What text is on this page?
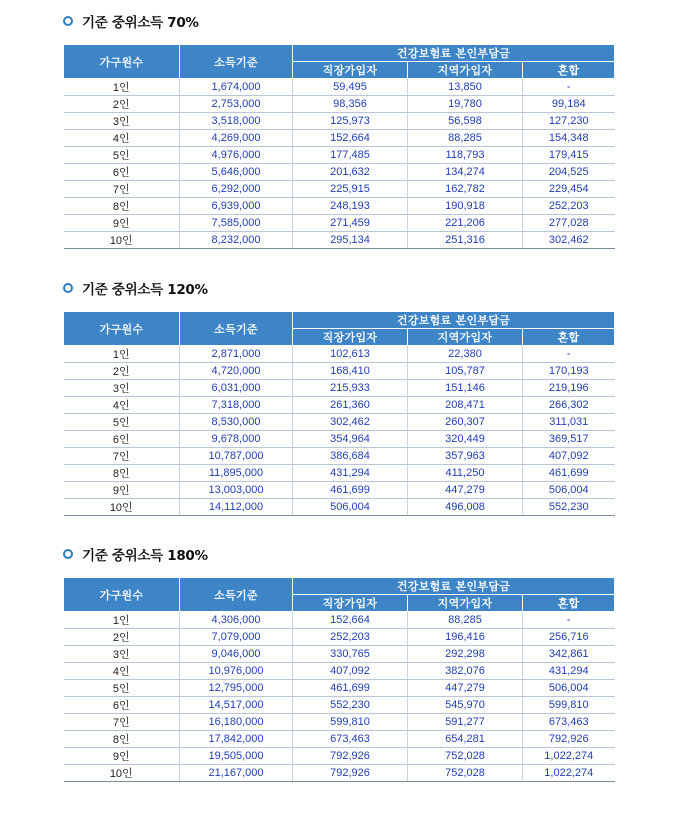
기준 중위소득 70%
가구원수	소득기준	건강보험료 본인부담금		
		직장가입자	지역가입자	혼합
1인	1,674,000	59,495	13,850	-
2인	2,753,000	98,356	19,780	99,184
3인	3,518,000	125,973	56,598	127,230
4인	4,269,000	152,664	88,285	154,348
5인	4,976,000	177,485	118,793	179,415
6인	5,646,000	201,632	134,274	204,525
7인	6,292,000	225,915	162,782	229,454
8인	6,939,000	248,193	190,918	252,203
9인	7,585,000	271,459	221,206	277,028
10인	8,232,000	295,134	251,316	302,462
기준 중위소득 120%
가구원수	소득기준	건강보험료 본인부담금		
		직장가입자	지역가입자	혼합
1인	2,871,000	102,613	22,380	-
2인	4,720,000	168,410	105,787	170,193
3인	6,031,000	215,933	151,146	219,196
4인	7,318,000	261,360	208,471	266,302
5인	8,530,000	302,462	260,307	311,031
6인	9,678,000	354,964	320,449	369,517
7인	10,787,000	386,684	357,963	407,092
8인	11,895,000	431,294	411,250	461,699
9인	13,003,000	461,699	447,279	506,004
10인	14,112,000	506,004	496,008	552,230
기준 중위소득 180%
가구원수	소득기준	건강보험료 본인부담금		
		직장가입자	지역가입자	혼합
1인	4,306,000	152,664	88,285	-
2인	7,079,000	252,203	196,416	256,716
3인	9,046,000	330,765	292,298	342,861
4인	10,976,000	407,092	382,076	431,294
5인	12,795,000	461,699	447,279	506,004
6인	14,517,000	552,230	545,970	599,810
7인	16,180,000	599,810	591,277	673,463
8인	17,842,000	673,463	654,281	792,926
9인	19,505,000	792,926	752,028	1,022,274
10인	21,167,000	792,926	752,028	1,022,274
